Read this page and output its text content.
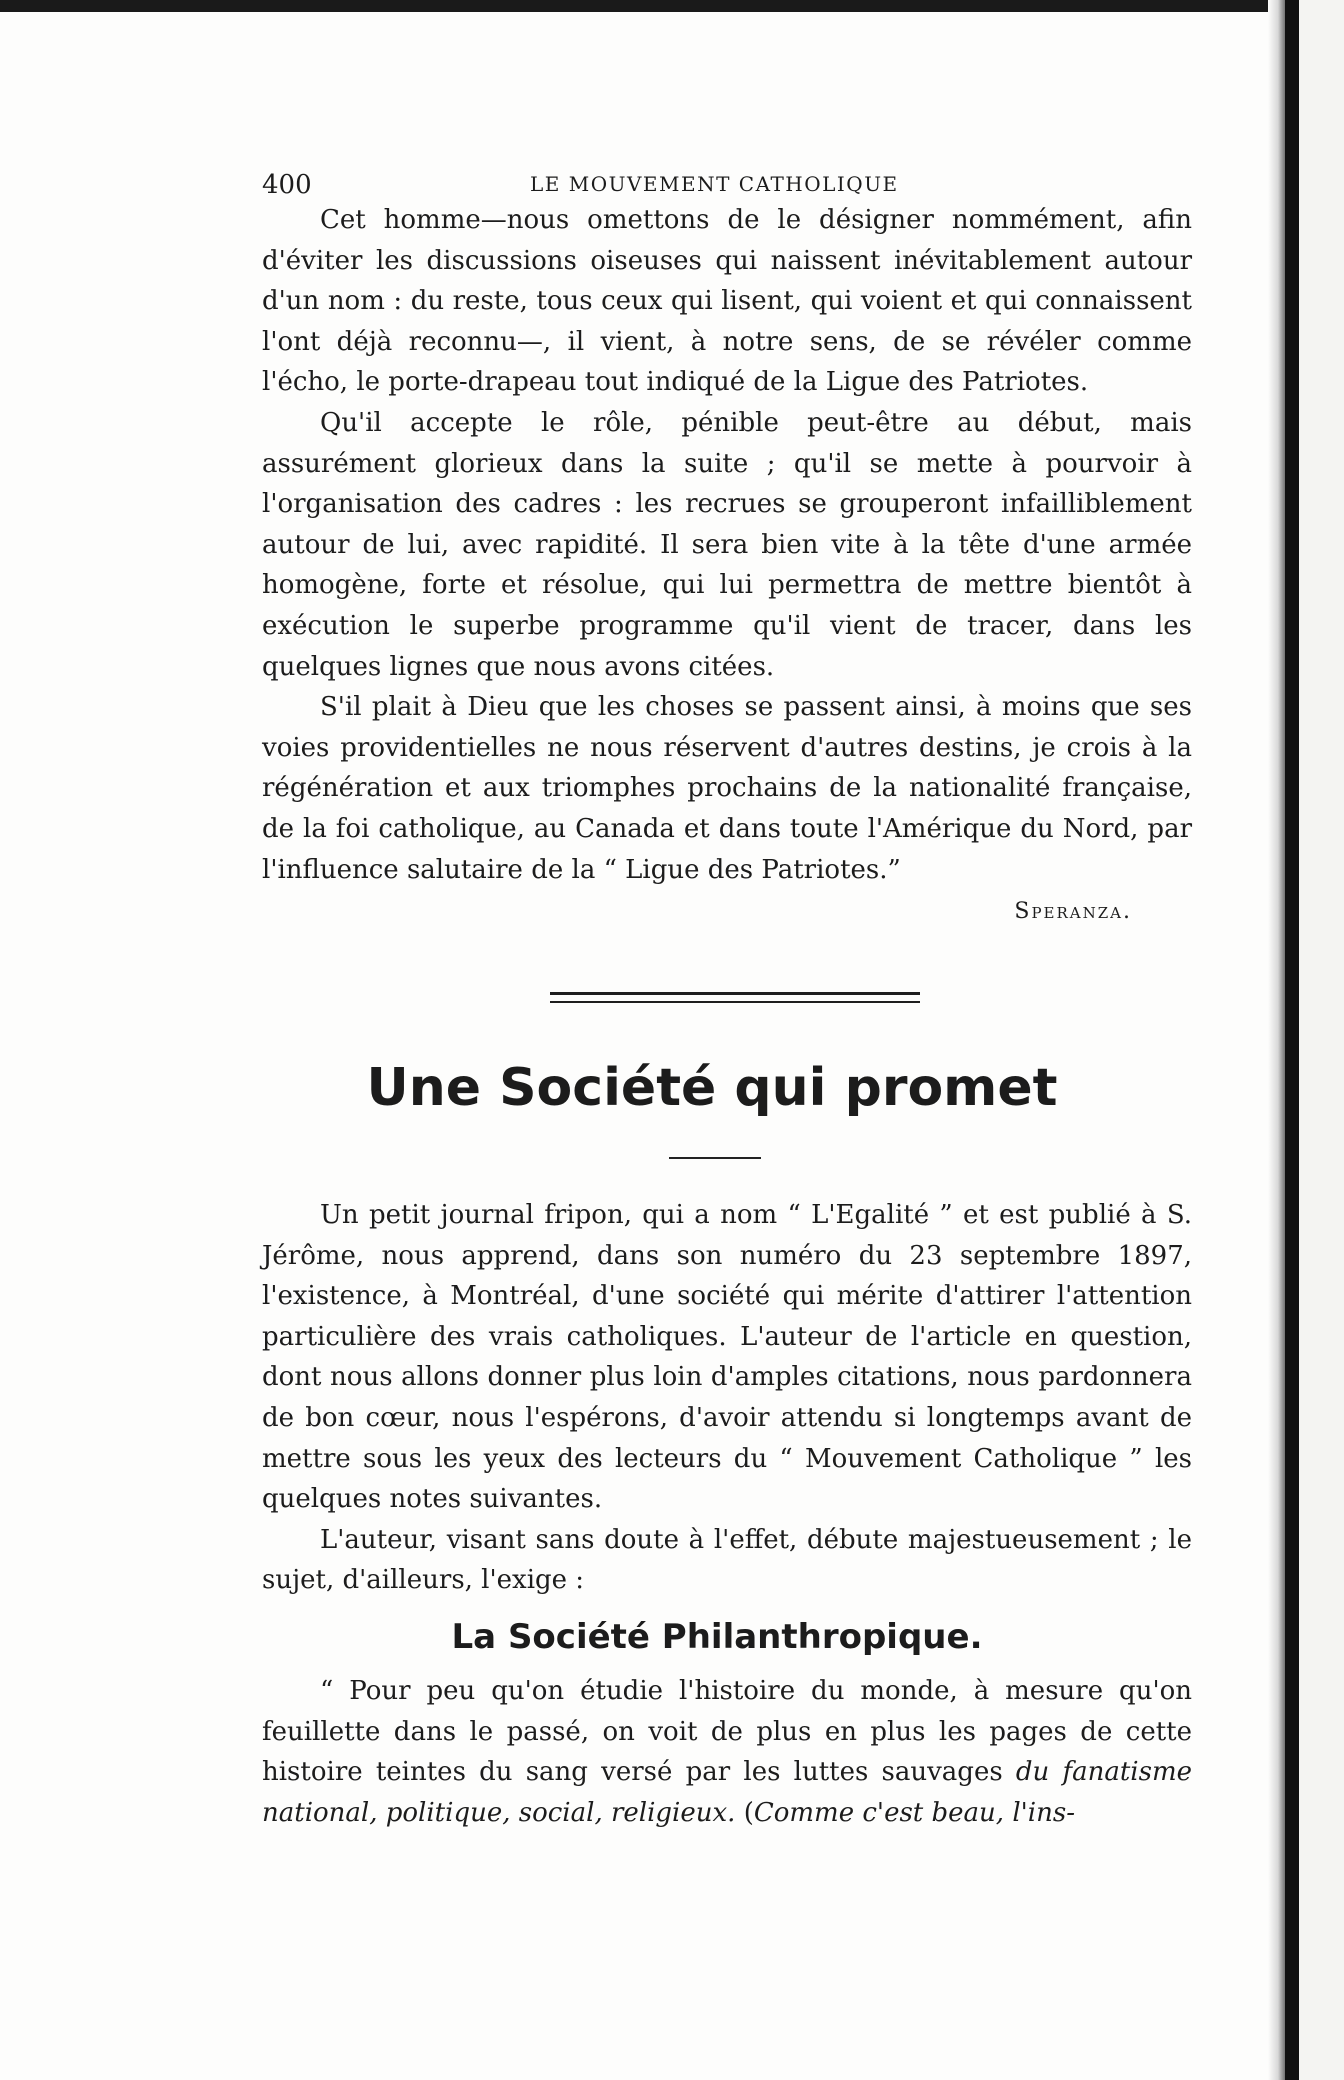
400	LE MOUVEMENT CATHOLIQUE

Cet homme—nous omettons de le désigner nommément, afin d'éviter les discussions oiseuses qui naissent inévitablement autour d'un nom : du reste, tous ceux qui lisent, qui voient et qui connaissent l'ont déjà reconnu—, il vient, à notre sens, de se révéler comme l'écho, le porte-drapeau tout indiqué de la Ligue des Patriotes.

Qu'il accepte le rôle, pénible peut-être au début, mais assurément glorieux dans la suite ; qu'il se mette à pourvoir à l'organisation des cadres : les recrues se grouperont infailliblement autour de lui, avec rapidité. Il sera bien vite à la tête d'une armée homogène, forte et résolue, qui lui permettra de mettre bientôt à exécution le superbe programme qu'il vient de tracer, dans les quelques lignes que nous avons citées.

S'il plait à Dieu que les choses se passent ainsi, à moins que ses voies providentielles ne nous réservent d'autres destins, je crois à la régénération et aux triomphes prochains de la nationalité française, de la foi catholique, au Canada et dans toute l'Amérique du Nord, par l'influence salutaire de la “ Ligue des Patriotes.”

Speranza.
Une Société qui promet

Un petit journal fripon, qui a nom “ L'Egalité ” et est publié à S. Jérôme, nous apprend, dans son numéro du 23 septembre 1897, l'existence, à Montréal, d'une société qui mérite d'attirer l'attention particulière des vrais catholiques. L'auteur de l'article en question, dont nous allons donner plus loin d'amples citations, nous pardonnera de bon cœur, nous l'espérons, d'avoir attendu si longtemps avant de mettre sous les yeux des lecteurs du “ Mouvement Catholique ” les quelques notes suivantes.

L'auteur, visant sans doute à l'effet, débute majestueusement ; le sujet, d'ailleurs, l'exige :

La Société Philanthropique.

“ Pour peu qu'on étudie l'histoire du monde, à mesure qu'on feuillette dans le passé, on voit de plus en plus les pages de cette histoire teintes du sang versé par les luttes sauvages du fanatisme national, politique, social, religieux. (Comme c'est beau, l'ins-
